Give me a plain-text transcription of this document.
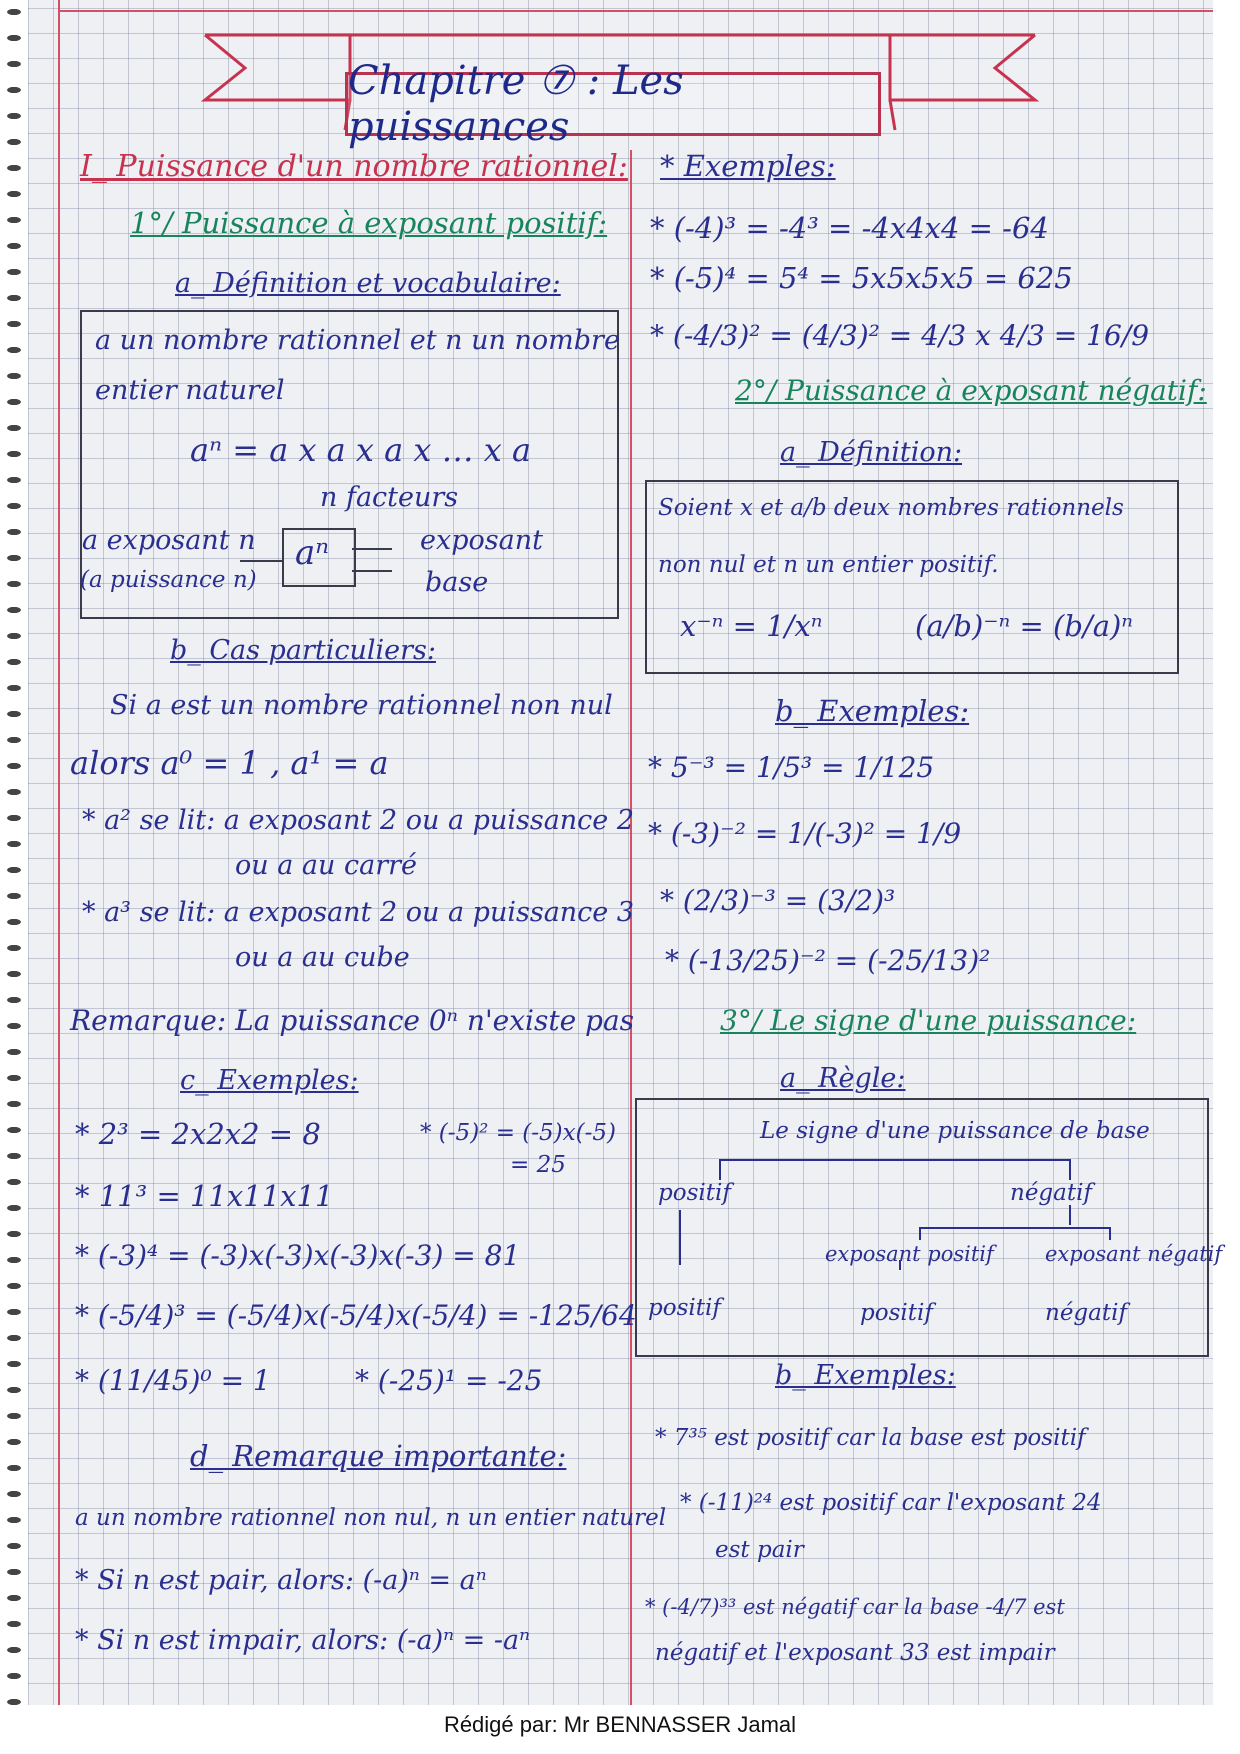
Chapitre ⑦ : Les puissances
I_ Puissance d'un nombre rationnel:
1°/ Puissance à exposant positif:
a_ Définition et vocabulaire:
a un nombre rationnel et n un nombre
entier naturel
aⁿ = a x a x a x … x a
n facteurs
a exposant n
(a puissance n)
aⁿ	exposant
base
b_ Cas particuliers:
Si a est un nombre rationnel non nul
alors a⁰ = 1 , a¹ = a
* a² se lit: a exposant 2 ou a puissance 2
ou a au carré
* a³ se lit: a exposant 2 ou a puissance 3
ou a au cube
Remarque: La puissance 0ⁿ n'existe pas
c_ Exemples:
* 2³ = 2x2x2 = 8	* (-5)² = (-5)x(-5)
= 25
* 11³ = 11x11x11
* (-3)⁴ = (-3)x(-3)x(-3)x(-3) = 81
* (-5/4)³ = (-5/4)x(-5/4)x(-5/4) = -125/64
* (11/45)⁰ = 1	* (-25)¹ = -25
d_ Remarque importante:
a un nombre rationnel non nul, n un entier naturel
* Si n est pair, alors: (-a)ⁿ = aⁿ
* Si n est impair, alors: (-a)ⁿ = -aⁿ
* Exemples:
* (-4)³ = -4³ = -4x4x4 = -64
* (-5)⁴ = 5⁴ = 5x5x5x5 = 625
* (-4/3)² = (4/3)² = 4/3 x 4/3 = 16/9
2°/ Puissance à exposant négatif:
a_ Définition:
Soient x et a/b deux nombres rationnels
non nul et n un entier positif.
x⁻ⁿ = 1/xⁿ	(a/b)⁻ⁿ = (b/a)ⁿ
b_ Exemples:
* 5⁻³ = 1/5³ = 1/125
* (-3)⁻² = 1/(-3)² = 1/9
* (2/3)⁻³ = (3/2)³
* (-13/25)⁻² = (-25/13)²
3°/ Le signe d'une puissance:
a_ Règle:
Le signe d'une puissance de base
positif	négatif
exposant positif exposant négatif
positif	positif	négatif
b_ Exemples:
* 7³⁵ est positif car la base est positif
* (-11)²⁴ est positif car l'exposant 24
est pair
* (-4/7)³³ est négatif car la base -4/7 est
négatif et l'exposant 33 est impair
Rédigé par: Mr BENNASSER Jamal
